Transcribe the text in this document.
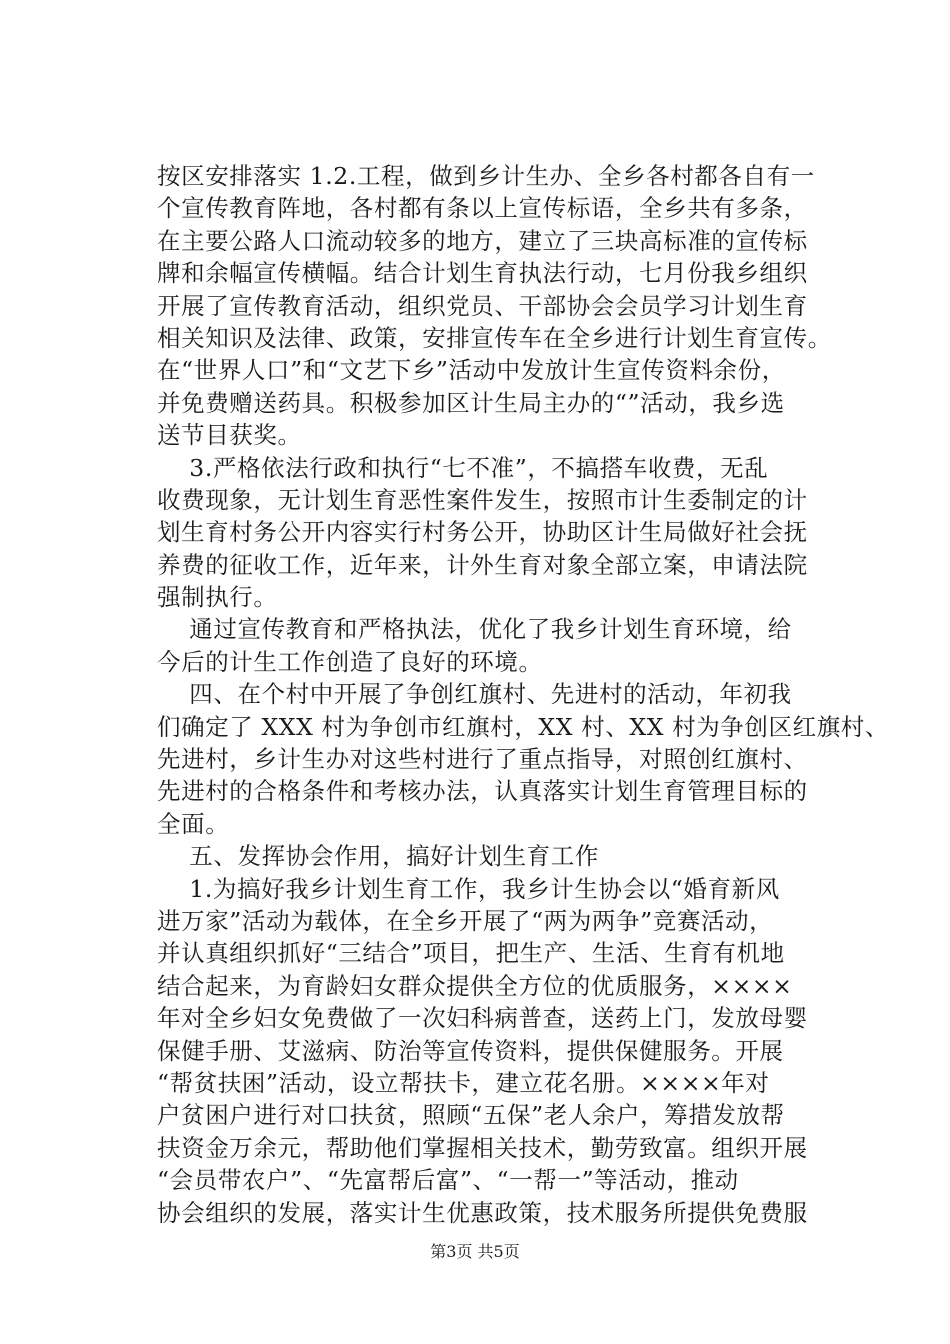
按区安排落实 1.2.工程，做到乡计生办、全乡各村都各自有一
个宣传教育阵地，各村都有条以上宣传标语，全乡共有多条，
在主要公路人口流动较多的地方，建立了三块高标准的宣传标
牌和余幅宣传横幅。结合计划生育执法行动，七月份我乡组织
开展了宣传教育活动，组织党员、干部协会会员学习计划生育
相关知识及法律、政策，安排宣传车在全乡进行计划生育宣传。
在“世界人口”和“文艺下乡”活动中发放计生宣传资料余份，
并免费赠送药具。积极参加区计生局主办的“”活动，我乡选
送节目获奖。
3.严格依法行政和执行“七不准”，不搞搭车收费，无乱
收费现象，无计划生育恶性案件发生，按照市计生委制定的计
划生育村务公开内容实行村务公开，协助区计生局做好社会抚
养费的征收工作，近年来，计外生育对象全部立案，申请法院
强制执行。
通过宣传教育和严格执法，优化了我乡计划生育环境，给
今后的计生工作创造了良好的环境。
四、在个村中开展了争创红旗村、先进村的活动，年初我
们确定了 XXX 村为争创市红旗村，XX 村、XX 村为争创区红旗村、
先进村，乡计生办对这些村进行了重点指导，对照创红旗村、
先进村的合格条件和考核办法，认真落实计划生育管理目标的
全面。
五、发挥协会作用，搞好计划生育工作
1.为搞好我乡计划生育工作，我乡计生协会以“婚育新风
进万家”活动为载体，在全乡开展了“两为两争”竞赛活动，
并认真组织抓好“三结合”项目，把生产、生活、生育有机地
结合起来，为育龄妇女群众提供全方位的优质服务，××××
年对全乡妇女免费做了一次妇科病普查，送药上门，发放母婴
保健手册、艾滋病、防治等宣传资料，提供保健服务。开展
“帮贫扶困”活动，设立帮扶卡，建立花名册。××××年对
户贫困户进行对口扶贫，照顾“五保”老人余户，筹措发放帮
扶资金万余元，帮助他们掌握相关技术，勤劳致富。组织开展
“会员带农户”、“先富帮后富”、“一帮一”等活动，推动
协会组织的发展，落实计生优惠政策，技术服务所提供免费服
第3页 共5页
